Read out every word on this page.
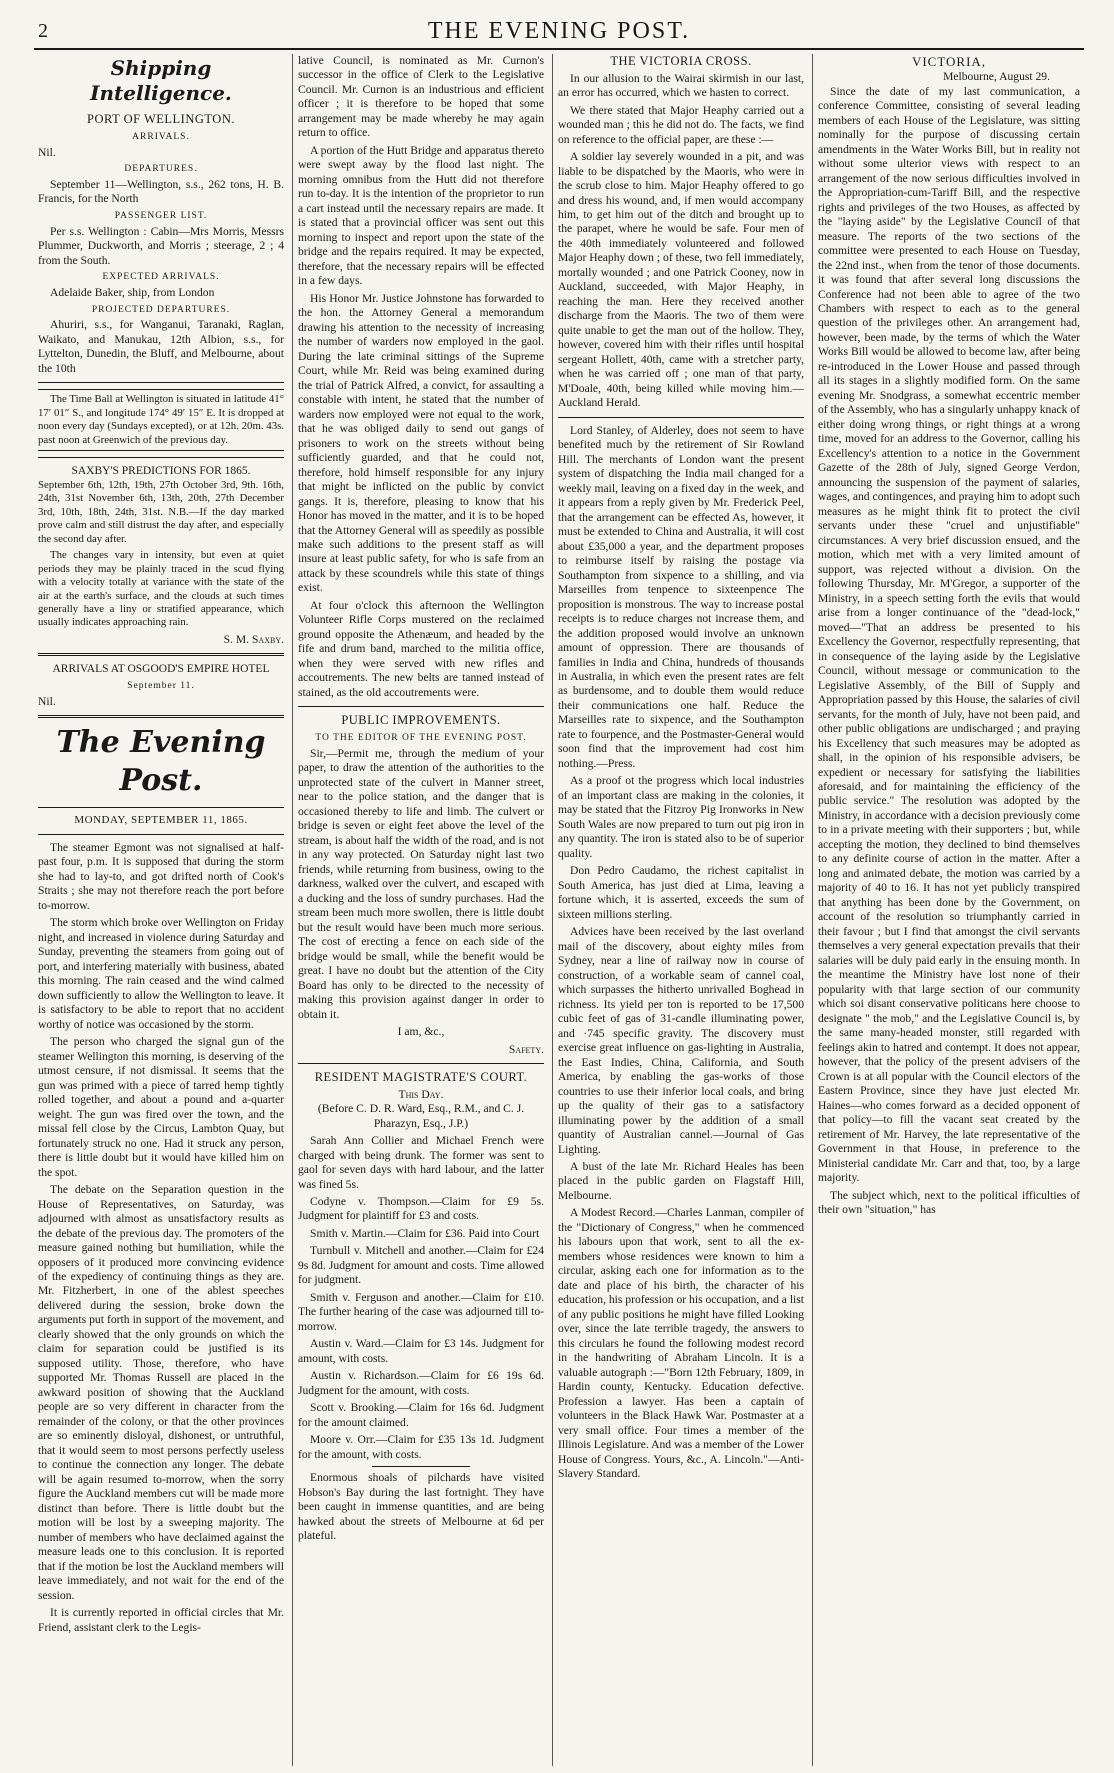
2	THE EVENING POST.
Shipping Intelligence.
PORT OF WELLINGTON.
ARRIVALS.

Nil.

DEPARTURES.

September 11—Wellington, s.s., 262 tons, H. B. Francis, for the North

PASSENGER LIST.

Per s.s. Wellington : Cabin—Mrs Morris, Messrs Plummer, Duckworth, and Morris ; steerage, 2 ; 4 from the South.

EXPECTED ARRIVALS.

Adelaide Baker, ship, from London

PROJECTED DEPARTURES.

Ahuriri, s.s., for Wanganui, Taranaki, Raglan, Waikato, and Manukau, 12th Albion, s.s., for Lyttelton, Dunedin, the Bluff, and Melbourne, about the 10th

The Time Ball at Wellington is situated in latitude 41° 17′ 01″ S., and longitude 174° 49′ 15″ E. It is dropped at noon every day (Sundays excepted), or at 12h. 20m. 43s. past noon at Greenwich of the previous day.

SAXBY'S PREDICTIONS FOR 1865.

September 6th, 12th, 19th, 27th October 3rd, 9th. 16th, 24th, 31st November 6th, 13th, 20th, 27th December 3rd, 10th, 18th, 24th, 31st. N.B.—If the day marked prove calm and still distrust the day after, and especially the second day after.

The changes vary in intensity, but even at quiet periods they may be plainly traced in the scud flying with a velocity totally at variance with the state of the air at the earth's surface, and the clouds at such times generally have a liny or stratified appearance, which usually indicates approaching rain.

S. M. Saxby.

ARRIVALS AT OSGOOD'S EMPIRE HOTEL
September 11.

Nil.

The Evening Post.
MONDAY, SEPTEMBER 11, 1865.

The steamer Egmont was not signalised at half-past four, p.m. It is supposed that during the storm she had to lay-to, and got drifted north of Cook's Straits ; she may not therefore reach the port before to-morrow.

The storm which broke over Wellington on Friday night, and increased in violence during Saturday and Sunday, preventing the steamers from going out of port, and interfering materially with business, abated this morning. The rain ceased and the wind calmed down sufficiently to allow the Wellington to leave. It is satisfactory to be able to report that no accident worthy of notice was occasioned by the storm.

The person who charged the signal gun of the steamer Wellington this morning, is deserving of the utmost censure, if not dismissal. It seems that the gun was primed with a piece of tarred hemp tightly rolled together, and about a pound and a-quarter weight. The gun was fired over the town, and the missal fell close by the Circus, Lambton Quay, but fortunately struck no one. Had it struck any person, there is little doubt but it would have killed him on the spot.

The debate on the Separation question in the House of Representatives, on Saturday, was adjourned with almost as unsatisfactory results as the debate of the previous day. The promoters of the measure gained nothing but humiliation, while the opposers of it produced more convincing evidence of the expediency of continuing things as they are. Mr. Fitzherbert, in one of the ablest speeches delivered during the session, broke down the arguments put forth in support of the movement, and clearly showed that the only grounds on which the claim for separation could be justified is its supposed utility. Those, therefore, who have supported Mr. Thomas Russell are placed in the awkward position of showing that the Auckland people are so very different in character from the remainder of the colony, or that the other provinces are so eminently disloyal, dishonest, or untruthful, that it would seem to most persons perfectly useless to continue the connection any longer. The debate will be again resumed to-morrow, when the sorry figure the Auckland members cut will be made more distinct than before. There is little doubt but the motion will be lost by a sweeping majority. The number of members who have declaimed against the measure leads one to this conclusion. It is reported that if the motion be lost the Auckland members will leave immediately, and not wait for the end of the session.

It is currently reported in official circles that Mr. Friend, assistant clerk to the Legis-

lative Council, is nominated as Mr. Curnon's successor in the office of Clerk to the Legislative Council. Mr. Curnon is an industrious and efficient officer ; it is therefore to be hoped that some arrangement may be made whereby he may again return to office.

A portion of the Hutt Bridge and apparatus thereto were swept away by the flood last night. The morning omnibus from the Hutt did not therefore run to-day. It is the intention of the proprietor to run a cart instead until the necessary repairs are made. It is stated that a provincial officer was sent out this morning to inspect and report upon the state of the bridge and the repairs required. It may be expected, therefore, that the necessary repairs will be effected in a few days.

His Honor Mr. Justice Johnstone has forwarded to the hon. the Attorney General a memorandum drawing his attention to the necessity of increasing the number of warders now employed in the gaol. During the late criminal sittings of the Supreme Court, while Mr. Reid was being examined during the trial of Patrick Alfred, a convict, for assaulting a constable with intent, he stated that the number of warders now employed were not equal to the work, that he was obliged daily to send out gangs of prisoners to work on the streets without being sufficiently guarded, and that he could not, therefore, hold himself responsible for any injury that might be inflicted on the public by convict gangs. It is, therefore, pleasing to know that his Honor has moved in the matter, and it is to be hoped that the Attorney General will as speedily as possible make such additions to the present staff as will insure at least public safety, for who is safe from an attack by these scoundrels while this state of things exist.

At four o'clock this afternoon the Wellington Volunteer Rifle Corps mustered on the reclaimed ground opposite the Athenæum, and headed by the fife and drum band, marched to the militia office, when they were served with new rifles and accoutrements. The new belts are tanned instead of stained, as the old accoutrements were.

PUBLIC IMPROVEMENTS.
TO THE EDITOR OF THE EVENING POST.

Sir,—Permit me, through the medium of your paper, to draw the attention of the authorities to the unprotected state of the culvert in Manner street, near to the police station, and the danger that is occasioned thereby to life and limb. The culvert or bridge is seven or eight feet above the level of the stream, is about half the width of the road, and is not in any way protected. On Saturday night last two friends, while returning from business, owing to the darkness, walked over the culvert, and escaped with a ducking and the loss of sundry purchases. Had the stream been much more swollen, there is little doubt but the result would have been much more serious. The cost of erecting a fence on each side of the bridge would be small, while the benefit would be great. I have no doubt but the attention of the City Board has only to be directed to the necessity of making this provision against danger in order to obtain it.

I am, &c.,

Safety.

RESIDENT MAGISTRATE'S COURT.
This Day.

(Before C. D. R. Ward, Esq., R.M., and C. J. Pharazyn, Esq., J.P.)

Sarah Ann Collier and Michael French were charged with being drunk. The former was sent to gaol for seven days with hard labour, and the latter was fined 5s.

Codyne v. Thompson.—Claim for £9 5s. Judgment for plaintiff for £3 and costs.

Smith v. Martin.—Claim for £36. Paid into Court

Turnbull v. Mitchell and another.—Claim for £24 9s 8d. Judgment for amount and costs. Time allowed for judgment.

Smith v. Ferguson and another.—Claim for £10. The further hearing of the case was adjourned till to-morrow.

Austin v. Ward.—Claim for £3 14s. Judgment for amount, with costs.

Austin v. Richardson.—Claim for £6 19s 6d. Judgment for the amount, with costs.

Scott v. Brooking.—Claim for 16s 6d. Judgment for the amount claimed.

Moore v. Orr.—Claim for £35 13s 1d. Judgment for the amount, with costs.

Enormous shoals of pilchards have visited Hobson's Bay during the last fortnight. They have been caught in immense quantities, and are being hawked about the streets of Melbourne at 6d per plateful.

THE VICTORIA CROSS.

In our allusion to the Wairai skirmish in our last, an error has occurred, which we hasten to correct.

We there stated that Major Heaphy carried out a wounded man ; this he did not do. The facts, we find on reference to the official paper, are these :—

A soldier lay severely wounded in a pit, and was liable to be dispatched by the Maoris, who were in the scrub close to him. Major Heaphy offered to go and dress his wound, and, if men would accompany him, to get him out of the ditch and brought up to the parapet, where he would be safe. Four men of the 40th immediately volunteered and followed Major Heaphy down ; of these, two fell immediately, mortally wounded ; and one Patrick Cooney, now in Auckland, succeeded, with Major Heaphy, in reaching the man. Here they received another discharge from the Maoris. The two of them were quite unable to get the man out of the hollow. They, however, covered him with their rifles until hospital sergeant Hollett, 40th, came with a stretcher party, when he was carried off ; one man of that party, M'Doale, 40th, being killed while moving him.—Auckland Herald.

Lord Stanley, of Alderley, does not seem to have benefited much by the retirement of Sir Rowland Hill. The merchants of London want the present system of dispatching the India mail changed for a weekly mail, leaving on a fixed day in the week, and it appears from a reply given by Mr. Frederick Peel, that the arrangement can be effected As, however, it must be extended to China and Australia, it will cost about £35,000 a year, and the department proposes to reimburse itself by raising the postage via Southampton from sixpence to a shilling, and via Marseilles from tenpence to sixteenpence The proposition is monstrous. The way to increase postal receipts is to reduce charges not increase them, and the addition proposed would involve an unknown amount of oppression. There are thousands of families in India and China, hundreds of thousands in Australia, in which even the present rates are felt as burdensome, and to double them would reduce their communications one half. Reduce the Marseilles rate to sixpence, and the Southampton rate to fourpence, and the Postmaster-General would soon find that the improvement had cost him nothing.—Press.

As a proof ot the progress which local industries of an important class are making in the colonies, it may be stated that the Fitzroy Pig Ironworks in New South Wales are now prepared to turn out pig iron in any quantity. The iron is stated also to be of superior quality.

Don Pedro Caudamo, the richest capitalist in South America, has just died at Lima, leaving a fortune which, it is asserted, exceeds the sum of sixteen millions sterling.

Advices have been received by the last overland mail of the discovery, about eighty miles from Sydney, near a line of railway now in course of construction, of a workable seam of cannel coal, which surpasses the hitherto unrivalled Boghead in richness. Its yield per ton is reported to be 17,500 cubic feet of gas of 31-candle illuminating power, and ·745 specific gravity. The discovery must exercise great influence on gas-lighting in Australia, the East Indies, China, California, and South America, by enabling the gas-works of those countries to use their inferior local coals, and bring up the quality of their gas to a satisfactory illuminating power by the addition of a small quantity of Australian cannel.—Journal of Gas Lighting.

A bust of the late Mr. Richard Heales has been placed in the public garden on Flagstaff Hill, Melbourne.

A Modest Record.—Charles Lanman, compiler of the "Dictionary of Congress," when he commenced his labours upon that work, sent to all the ex-members whose residences were known to him a circular, asking each one for information as to the date and place of his birth, the character of his education, his profession or his occupation, and a list of any public positions he might have filled Looking over, since the late terrible tragedy, the answers to this circulars he found the following modest record in the handwriting of Abraham Lincoln. It is a valuable autograph :—"Born 12th February, 1809, in Hardin county, Kentucky. Education defective. Profession a lawyer. Has been a captain of volunteers in the Black Hawk War. Postmaster at a very small office. Four times a member of the Illinois Legislature. And was a member of the Lower House of Congress. Yours, &c., A. Lincoln."—Anti-Slavery Standard.

VICTORIA,
Melbourne, August 29.

Since the date of my last communication, a conference Committee, consisting of several leading members of each House of the Legislature, was sitting nominally for the purpose of discussing certain amendments in the Water Works Bill, but in reality not without some ulterior views with respect to an arrangement of the now serious difficulties involved in the Appropriation-cum-Tariff Bill, and the respective rights and privileges of the two Houses, as affected by the "laying aside" by the Legislative Council of that measure. The reports of the two sections of the committee were presented to each House on Tuesday, the 22nd inst., when from the tenor of those documents. it was found that after several long discussions the Conference had not been able to agree of the two Chambers with respect to each as to the general question of the privileges other. An arrangement had, however, been made, by the terms of which the Water Works Bill would be allowed to become law, after being re-introduced in the Lower House and passed through all its stages in a slightly modified form. On the same evening Mr. Snodgrass, a somewhat eccentric member of the Assembly, who has a singularly unhappy knack of either doing wrong things, or right things at a wrong time, moved for an address to the Governor, calling his Excellency's attention to a notice in the Government Gazette of the 28th of July, signed George Verdon, announcing the suspension of the payment of salaries, wages, and contingences, and praying him to adopt such measures as he might think fit to protect the civil servants under these "cruel and unjustifiable" circumstances. A very brief discussion ensued, and the motion, which met with a very limited amount of support, was rejected without a division. On the following Thursday, Mr. M'Gregor, a supporter of the Ministry, in a speech setting forth the evils that would arise from a longer continuance of the "dead-lock," moved—"That an address be presented to his Excellency the Governor, respectfully representing, that in consequence of the laying aside by the Legislative Council, without message or communication to the Legislative Assembly, of the Bill of Supply and Appropriation passed by this House, the salaries of civil servants, for the month of July, have not been paid, and other public obligations are undischarged ; and praying his Excellency that such measures may be adopted as shall, in the opinion of his responsible advisers, be expedient or necessary for satisfying the liabilities aforesaid, and for maintaining the efficiency of the public service." The resolution was adopted by the Ministry, in accordance with a decision previously come to in a private meeting with their supporters ; but, while accepting the motion, they declined to bind themselves to any definite course of action in the matter. After a long and animated debate, the motion was carried by a majority of 40 to 16. It has not yet publicly transpired that anything has been done by the Government, on account of the resolution so triumphantly carried in their favour ; but I find that amongst the civil servants themselves a very general expectation prevails that their salaries will be duly paid early in the ensuing month. In the meantime the Ministry have lost none of their popularity with that large section of our community which soi disant conservative politicans here choose to designate " the mob," and the Legislative Council is, by the same many-headed monster, still regarded with feelings akin to hatred and contempt. It does not appear, however, that the policy of the present advisers of the Crown is at all popular with the Council electors of the Eastern Province, since they have just elected Mr. Haines—who comes forward as a decided opponent of that policy—to fill the vacant seat created by the retirement of Mr. Harvey, the late representative of the Government in that House, in preference to the Ministerial candidate Mr. Carr and that, too, by a large majority.

The subject which, next to the political ifficulties of their own "situation," has
